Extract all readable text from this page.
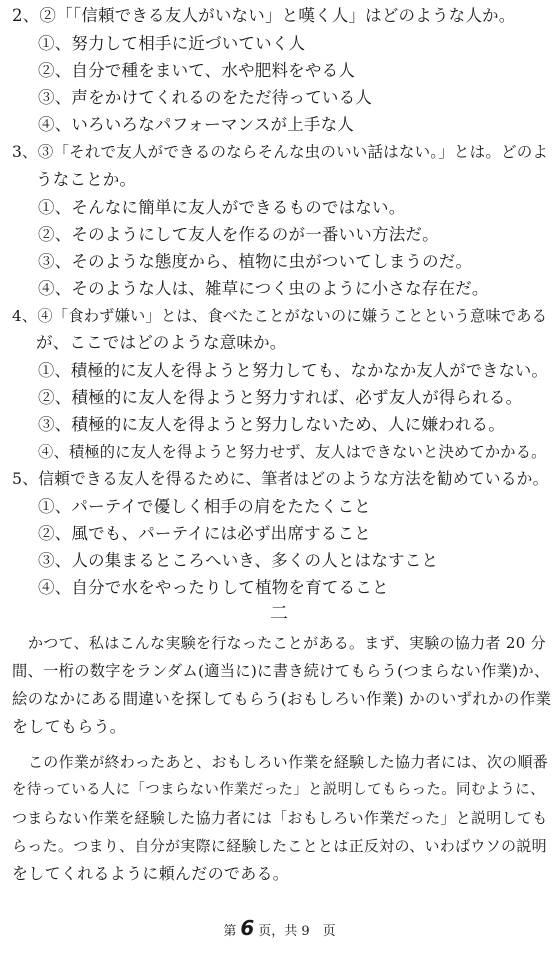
2、②「「信頼できる友人がいない」と嘆く人」はどのような人か。
①、努力して相手に近づいていく人
②、自分で種をまいて、水や肥料をやる人
③、声をかけてくれるのをただ待っている人
④、いろいろなパフォーマンスが上手な人
3、③「それで友人ができるのならそんな虫のいい話はない。」とは。どのよ
うなことか。
①、そんなに簡単に友人ができるものではない。
②、そのようにして友人を作るのが一番いい方法だ。
③、そのような態度から、植物に虫がついてしまうのだ。
④、そのような人は、雑草につく虫のように小さな存在だ。
4、④「食わず嫌い」とは、食べたことがないのに嫌うことという意味である
が、ここではどのような意味か。
①、積極的に友人を得ようと努力しても、なかなか友人ができない。
②、積極的に友人を得ようと努力すれば、必ず友人が得られる。
③、積極的に友人を得ようと努力しないため、人に嫌われる。
④、積極的に友人を得ようと努力せず、友人はできないと決めてかかる。
5、信頼できる友人を得るために、筆者はどのような方法を勧めているか。
①、パーテイで優しく相手の肩をたたくこと
②、風でも、パーテイには必ず出席すること
③、人の集まるところへいき、多くの人とはなすこと
④、自分で水をやったりして植物を育てること
二
かつて、私はこんな実験を行なったことがある。まず、実験の協力者 20 分
間、一桁の数字をランダム(適当に)に書き続けてもらう(つまらない作業)か、
絵のなかにある間違いを探してもらう(おもしろい作業) かのいずれかの作業
をしてもらう。
この作業が終わったあと、おもしろい作業を経験した協力者には、次の順番
を待っている人に「つまらない作業だった」と説明してもらった。同むように、
つまらない作業を経験した協力者には「おもしろい作業だった」と説明しても
らった。つまり、自分が実際に経験したこととは正反対の、いわばウソの説明
をしてくれるように頼んだのである。
第 6 页，共 9　页
